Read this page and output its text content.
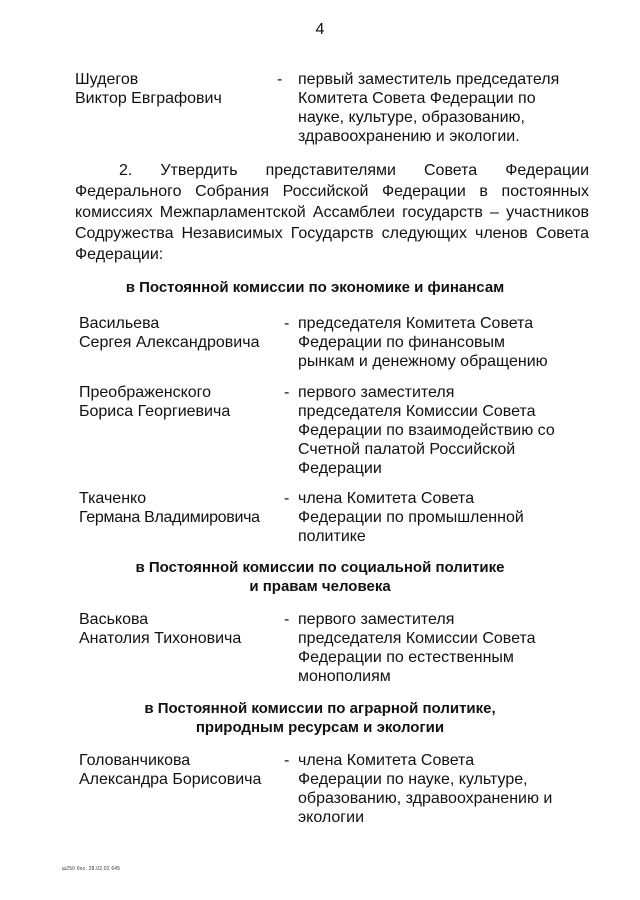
4
Шудегов
Виктор Евграфович
- первый заместитель председателя
Комитета Совета Федерации по
науке, культуре, образованию,
здравоохранению и экологии.
2. Утвердить представителями Совета Федерации
Федерального Собрания Российской Федерации в постоянных
комиссиях Межпарламентской Ассамблеи государств – участников
Содружества Независимых Государств следующих членов Совета
Федерации:
в Постоянной комиссии по экономике и финансам
Васильева
Сергея Александровича
- председателя Комитета Совета
Федерации по финансовым
рынкам и денежному обращению
Преображенского
Бориса Георгиевича
- первого заместителя
председателя Комиссии Совета
Федерации по взаимодействию со
Счетной палатой Российской
Федерации
Ткаченко
Германа Владимировича
- члена Комитета Совета
Федерации по промышленной
политике
в Постоянной комиссии по социальной политике
и правам человека
Васькова
Анатолия Тихоновича
- первого заместителя
председателя Комиссии Совета
Федерации по естественным
монополиям
в Постоянной комиссии по аграрной политике,
природным ресурсам и экологии
Голованчикова
Александра Борисовича
- члена Комитета Совета
Федерации по науке, культуре,
образованию, здравоохранению и
экологии
ш250 бос. 28.02.02 645
